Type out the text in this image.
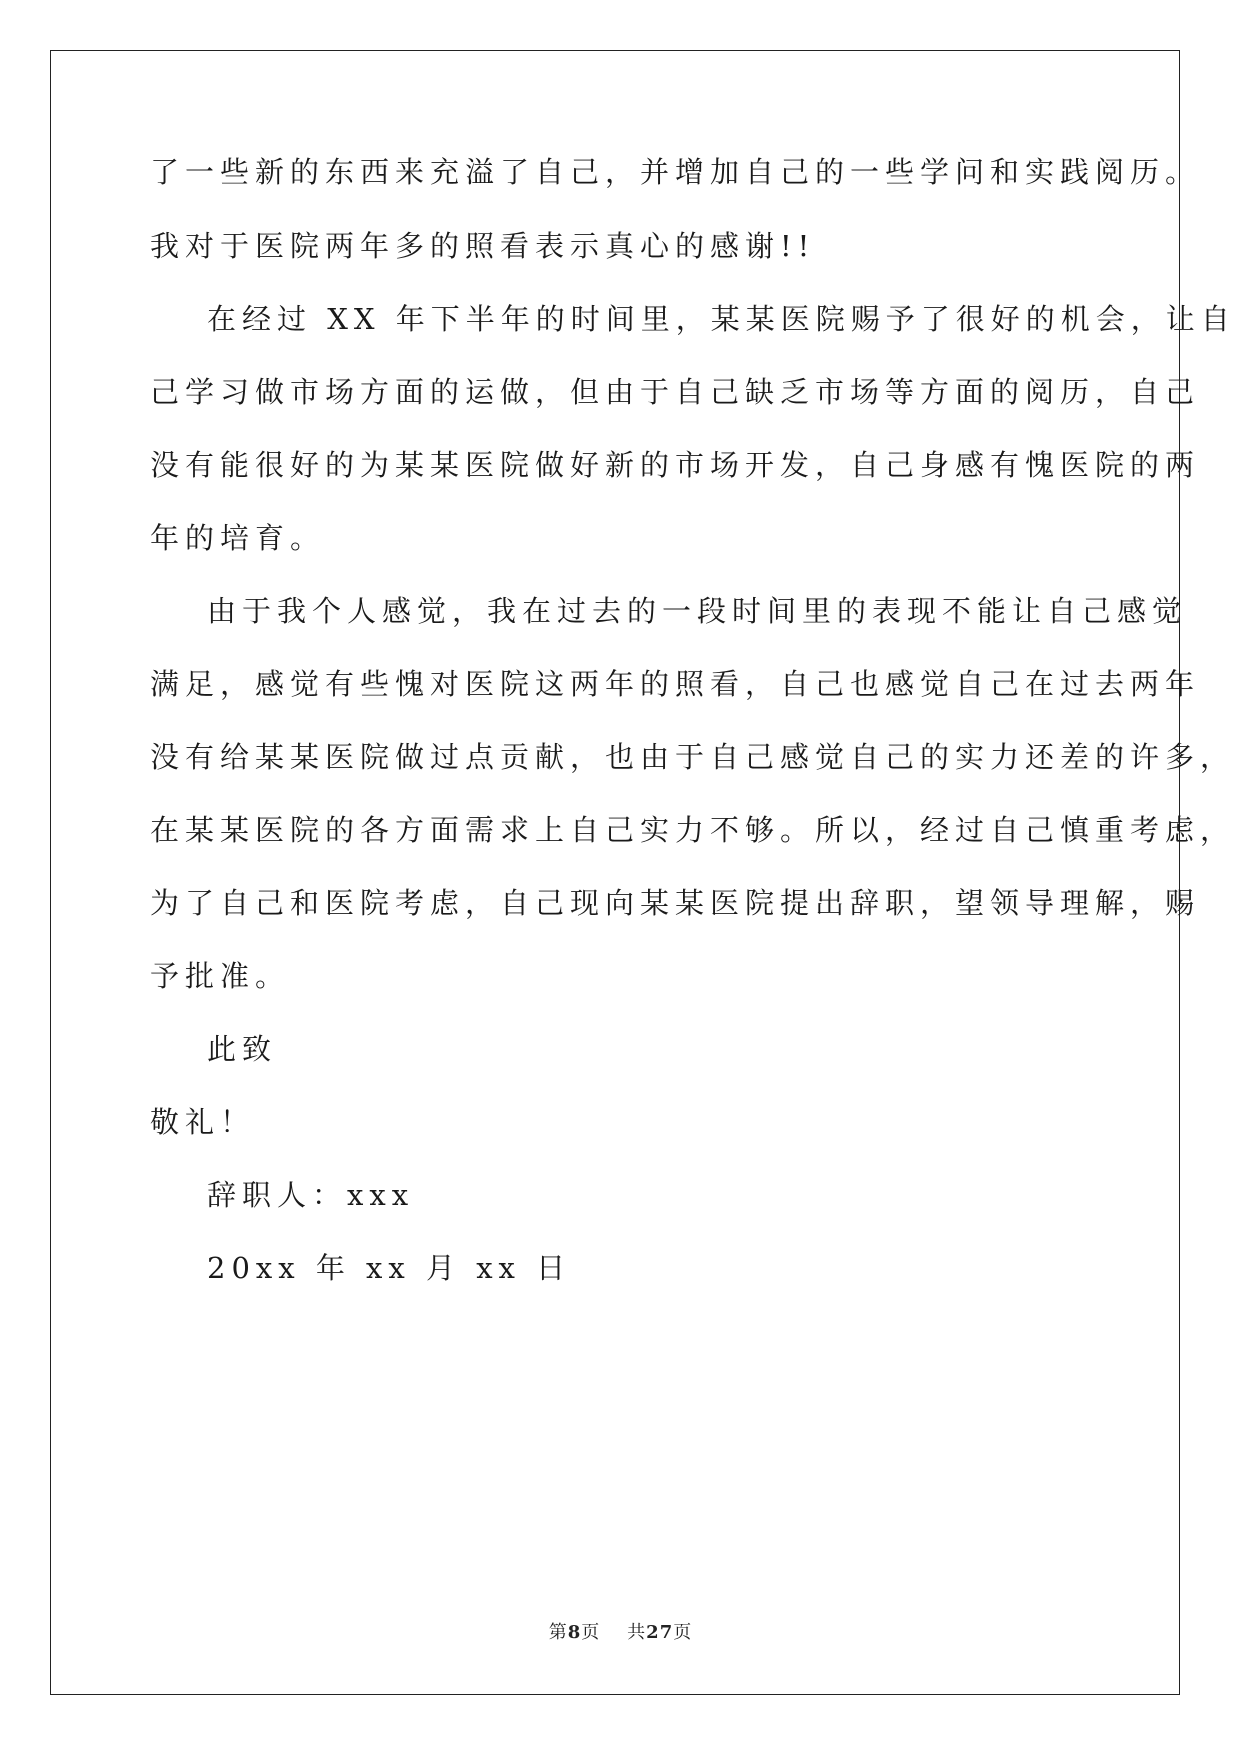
了一些新的东西来充溢了自己，并增加自己的一些学问和实践阅历。
我对于医院两年多的照看表示真心的感谢!!
在经过 XX 年下半年的时间里，某某医院赐予了很好的机会，让自
己学习做市场方面的运做，但由于自己缺乏市场等方面的阅历，自己
没有能很好的为某某医院做好新的市场开发，自己身感有愧医院的两
年的培育。
由于我个人感觉，我在过去的一段时间里的表现不能让自己感觉
满足，感觉有些愧对医院这两年的照看，自己也感觉自己在过去两年
没有给某某医院做过点贡献，也由于自己感觉自己的实力还差的许多，
在某某医院的各方面需求上自己实力不够。所以，经过自己慎重考虑，
为了自己和医院考虑，自己现向某某医院提出辞职，望领导理解，赐
予批准。
此致
敬礼！
辞职人：xxx
20xx 年 xx 月 xx 日
第8页 共27页
